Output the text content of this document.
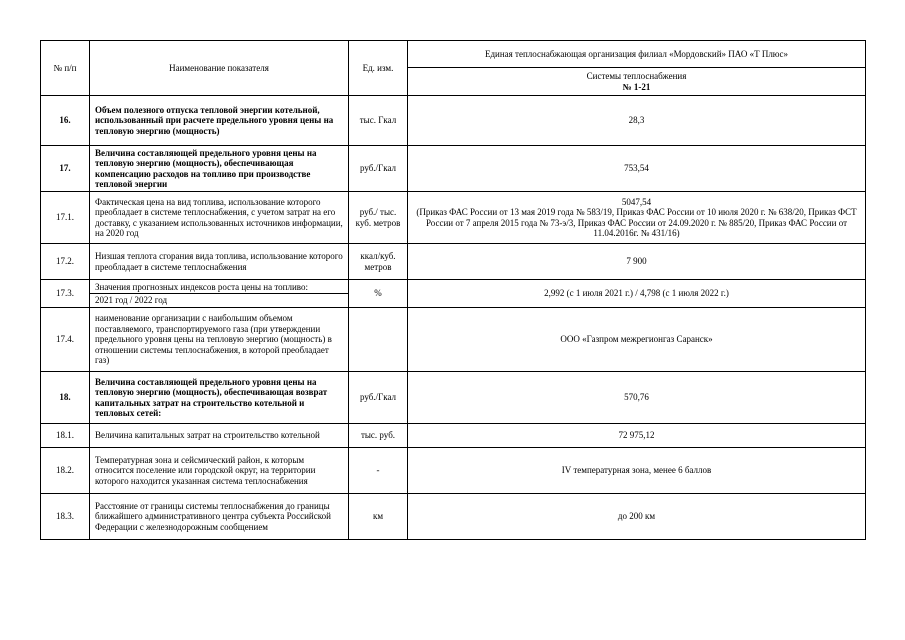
№ п/п	Наименование показателя	Ед. изм.	Единая теплоснабжающая организация филиал «Мордовский» ПАО «Т Плюс»

			Системы теплоснабжения
№ 1-21

16.	Объем полезного отпуска тепловой энергии котельной, использованный при расчете предельного уровня цены на тепловую энергию (мощность)	тыс. Гкал	28,3
17.	Величина составляющей предельного уровня цены на тепловую энергию (мощность), обеспечивающая компенсацию расходов на топливо при производстве тепловой энергии	руб./Гкал	753,54
17.1.	Фактическая цена на вид топлива, использование которого преобладает в системе теплоснабжения, с учетом затрат на его доставку, с указанием использованных источников информации, на 2020 год	руб./ тыс. куб. метров	5047,54
(Приказ ФАС России от 13 мая 2019 года № 583/19, Приказ ФАС России от 10 июля 2020 г. № 638/20, Приказ ФСТ России от 7 апреля 2015 года № 73-э/3, Приказ ФАС России от 24.09.2020 г. № 885/20, Приказ ФАС России от 11.04.2016г. № 431/16)

17.2.	Низшая теплота сгорания вида топлива, использование которого преобладает в системе теплоснабжения	ккал/куб. метров	7 900
17.3.	Значения прогнозных индексов роста цены на топливо:
2021 год / 2022 год	%	2,992 (с 1 июля 2021 г.) / 4,798 (с 1 июля 2022 г.)
17.4.	наименование организации с наибольшим объемом поставляемого, транспортируемого газа (при утверждении предельного уровня цены на тепловую энергию (мощность) в отношении системы теплоснабжения, в которой преобладает газ)		ООО «Газпром межрегионгаз Саранск»
18.	Величина составляющей предельного уровня цены на тепловую энергию (мощность), обеспечивающая возврат капитальных затрат на строительство котельной и тепловых сетей:	руб./Гкал	570,76
18.1.	Величина капитальных затрат на строительство котельной	тыс. руб.	72 975,12
18.2.	Температурная зона и сейсмический район, к которым относится поселение или городской округ, на территории которого находится указанная система теплоснабжения	-	IV температурная зона, менее 6 баллов
18.3.	Расстояние от границы системы теплоснабжения до границы ближайшего административного центра субъекта Российской Федерации с железнодорожным сообщением	км	до 200 км
